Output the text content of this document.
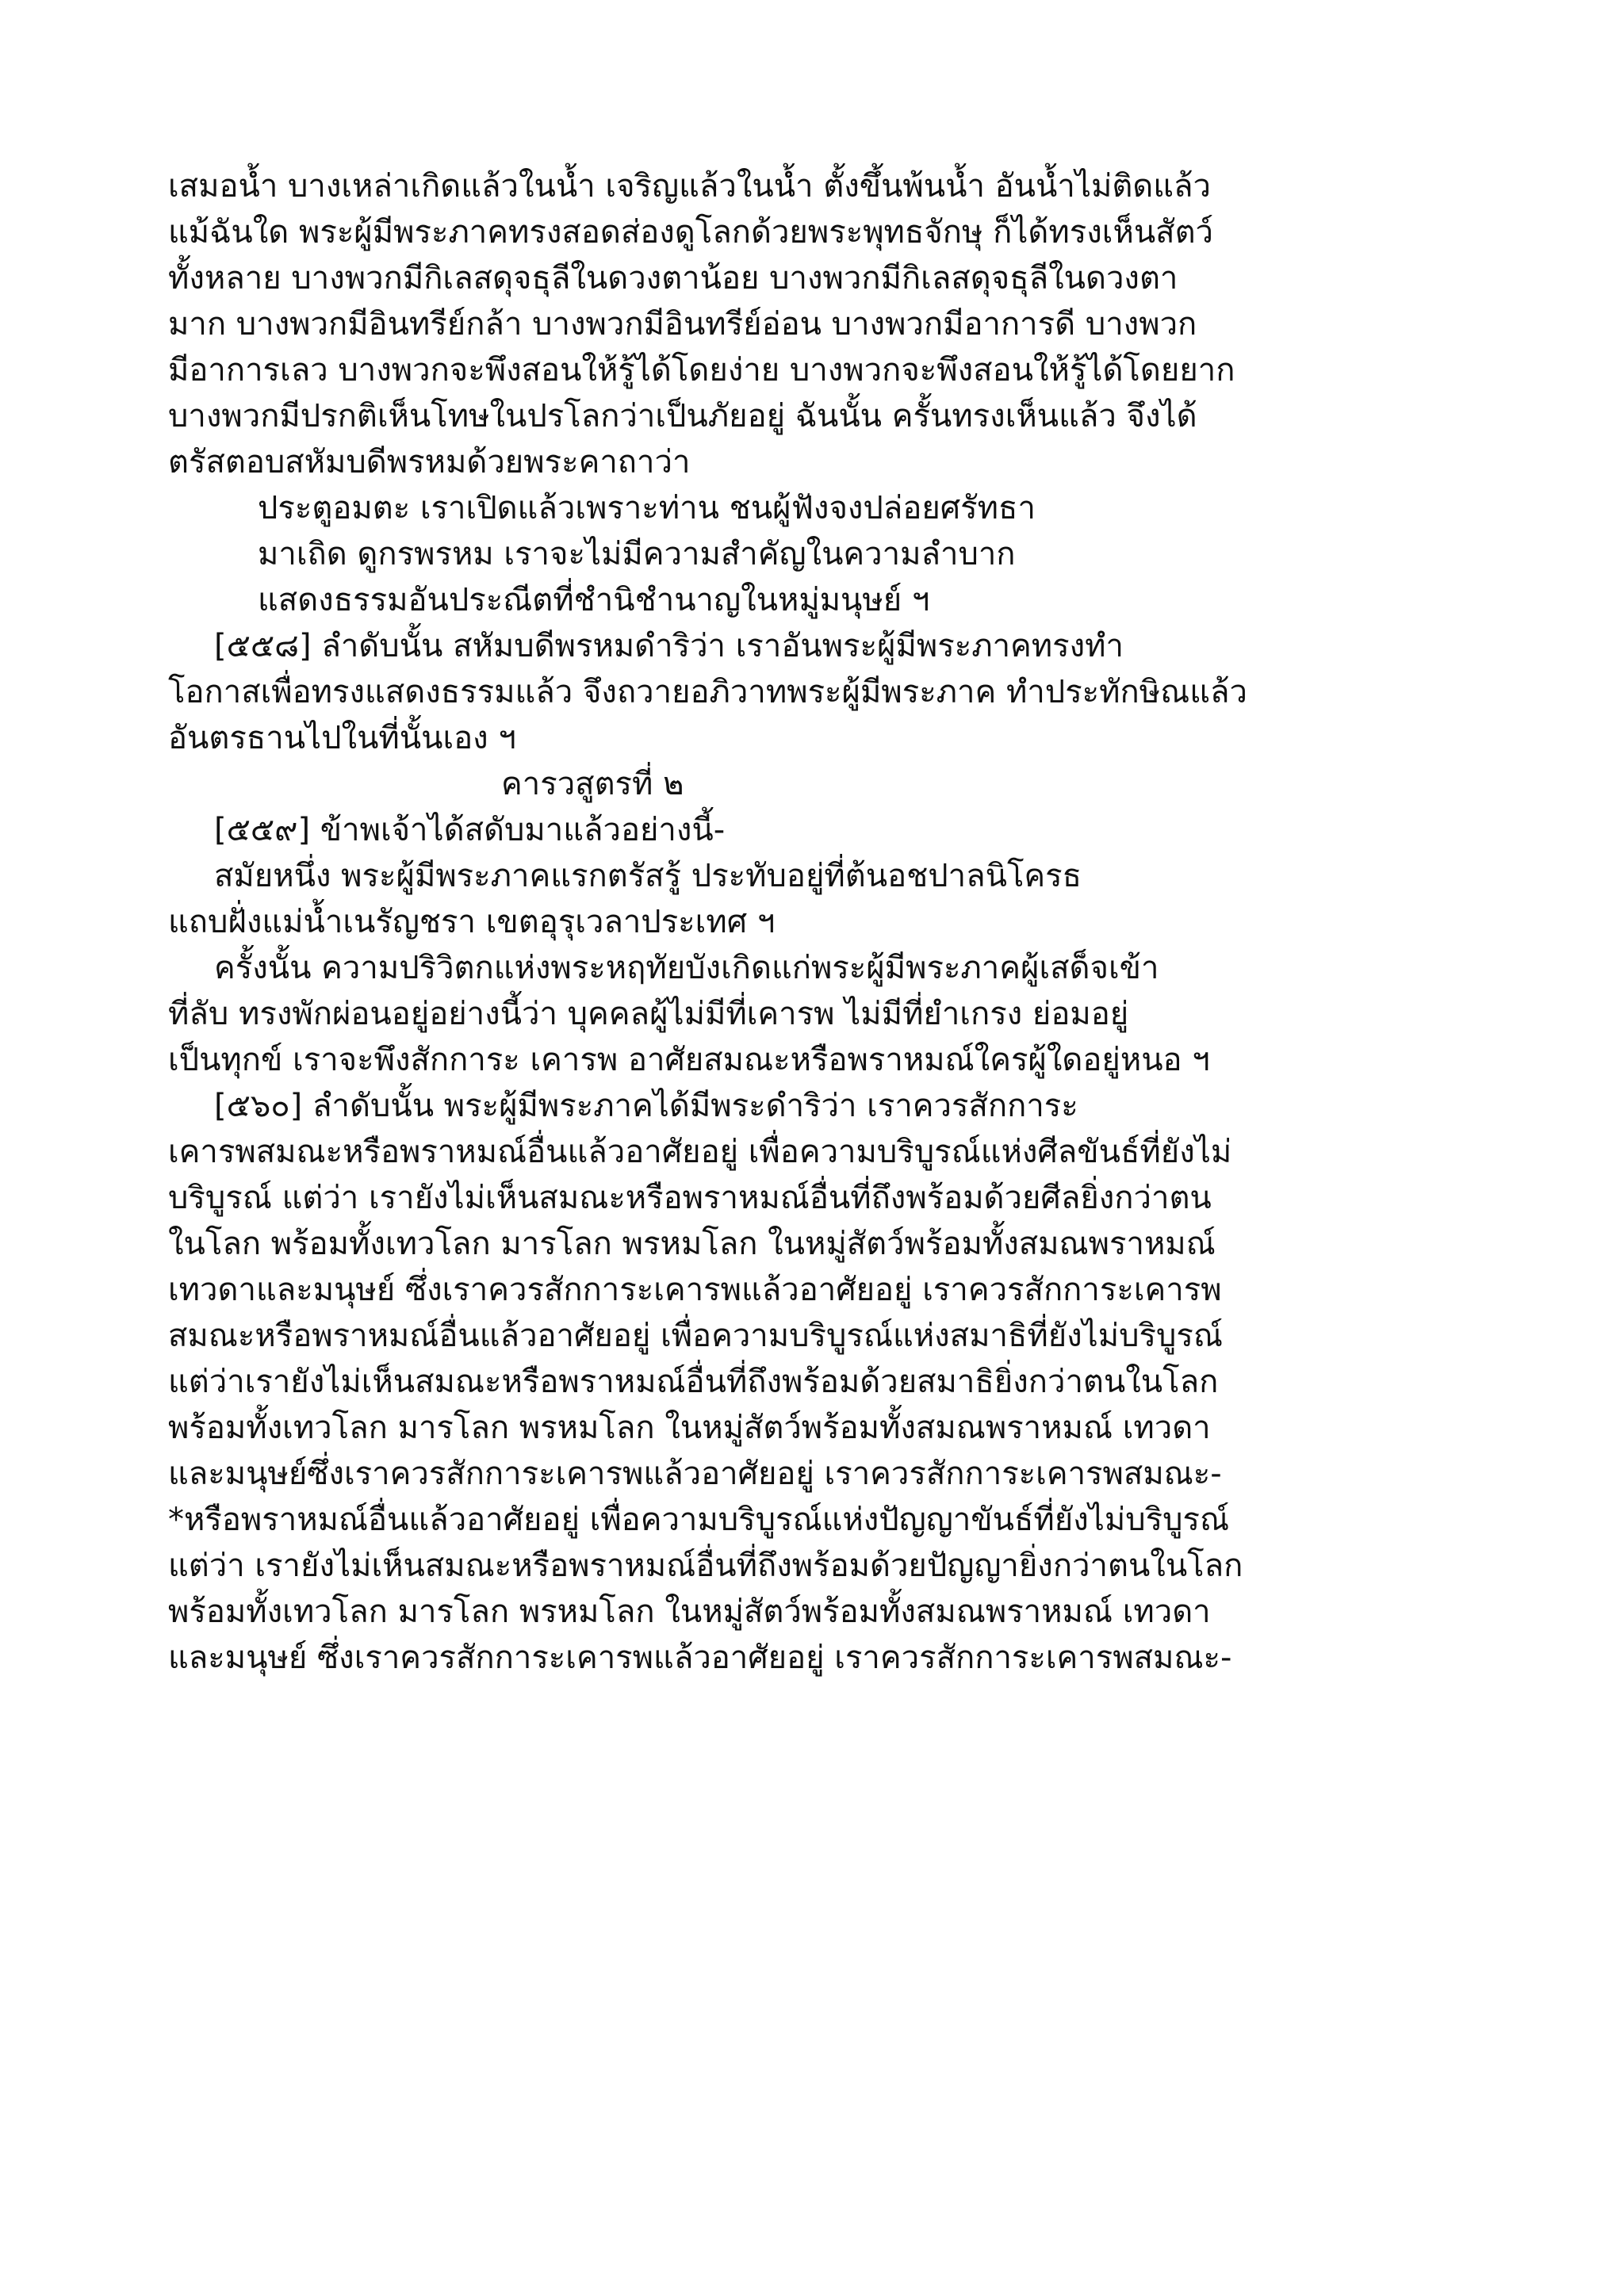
เสมอน้ำ บางเหล่าเกิดแล้วในน้ำ เจริญแล้วในน้ำ ตั้งขึ้นพ้นน้ำ อันน้ำไม่ติดแล้ว
แม้ฉันใด พระผู้มีพระภาคทรงสอดส่องดูโลกด้วยพระพุทธจักษุ ก็ได้ทรงเห็นสัตว์
ทั้งหลาย บางพวกมีกิเลสดุจธุลีในดวงตาน้อย บางพวกมีกิเลสดุจธุลีในดวงตา
มาก บางพวกมีอินทรีย์กล้า บางพวกมีอินทรีย์อ่อน บางพวกมีอาการดี บางพวก
มีอาการเลว บางพวกจะพึงสอนให้รู้ได้โดยง่าย บางพวกจะพึงสอนให้รู้ได้โดยยาก
บางพวกมีปรกติเห็นโทษในปรโลกว่าเป็นภัยอยู่ ฉันนั้น ครั้นทรงเห็นแล้ว จึงได้
ตรัสตอบสหัมบดีพรหมด้วยพระคาถาว่า
ประตูอมตะ เราเปิดแล้วเพราะท่าน ชนผู้ฟังจงปล่อยศรัทธา
มาเถิด ดูกรพรหม เราจะไม่มีความสำคัญในความลำบาก
แสดงธรรมอันประณีตที่ชำนิชำนาญในหมู่มนุษย์ ฯ
[๕๕๘] ลำดับนั้น สหัมบดีพรหมดำริว่า เราอันพระผู้มีพระภาคทรงทำ
โอกาสเพื่อทรงแสดงธรรมแล้ว จึงถวายอภิวาทพระผู้มีพระภาค ทำประทักษิณแล้ว
อันตรธานไปในที่นั้นเอง ฯ
คารวสูตรที่ ๒
[๕๕๙] ข้าพเจ้าได้สดับมาแล้วอย่างนี้-
สมัยหนึ่ง พระผู้มีพระภาคแรกตรัสรู้ ประทับอยู่ที่ต้นอชปาลนิโครธ
แถบฝั่งแม่น้ำเนรัญชรา เขตอุรุเวลาประเทศ ฯ
ครั้งนั้น ความปริวิตกแห่งพระหฤทัยบังเกิดแก่พระผู้มีพระภาคผู้เสด็จเข้า
ที่ลับ ทรงพักผ่อนอยู่อย่างนี้ว่า บุคคลผู้ไม่มีที่เคารพ ไม่มีที่ยำเกรง ย่อมอยู่
เป็นทุกข์ เราจะพึงสักการะ เคารพ อาศัยสมณะหรือพราหมณ์ใครผู้ใดอยู่หนอ ฯ
[๕๖๐] ลำดับนั้น พระผู้มีพระภาคได้มีพระดำริว่า เราควรสักการะ
เคารพสมณะหรือพราหมณ์อื่นแล้วอาศัยอยู่ เพื่อความบริบูรณ์แห่งศีลขันธ์ที่ยังไม่
บริบูรณ์ แต่ว่า เรายังไม่เห็นสมณะหรือพราหมณ์อื่นที่ถึงพร้อมด้วยศีลยิ่งกว่าตน
ในโลก พร้อมทั้งเทวโลก มารโลก พรหมโลก ในหมู่สัตว์พร้อมทั้งสมณพราหมณ์
เทวดาและมนุษย์ ซึ่งเราควรสักการะเคารพแล้วอาศัยอยู่ เราควรสักการะเคารพ
สมณะหรือพราหมณ์อื่นแล้วอาศัยอยู่ เพื่อความบริบูรณ์แห่งสมาธิที่ยังไม่บริบูรณ์
แต่ว่าเรายังไม่เห็นสมณะหรือพราหมณ์อื่นที่ถึงพร้อมด้วยสมาธิยิ่งกว่าตนในโลก
พร้อมทั้งเทวโลก มารโลก พรหมโลก ในหมู่สัตว์พร้อมทั้งสมณพราหมณ์ เทวดา
และมนุษย์ซึ่งเราควรสักการะเคารพแล้วอาศัยอยู่ เราควรสักการะเคารพสมณะ-
*หรือพราหมณ์อื่นแล้วอาศัยอยู่ เพื่อความบริบูรณ์แห่งปัญญาขันธ์ที่ยังไม่บริบูรณ์
แต่ว่า เรายังไม่เห็นสมณะหรือพราหมณ์อื่นที่ถึงพร้อมด้วยปัญญายิ่งกว่าตนในโลก
พร้อมทั้งเทวโลก มารโลก พรหมโลก ในหมู่สัตว์พร้อมทั้งสมณพราหมณ์ เทวดา
และมนุษย์ ซึ่งเราควรสักการะเคารพแล้วอาศัยอยู่ เราควรสักการะเคารพสมณะ-
